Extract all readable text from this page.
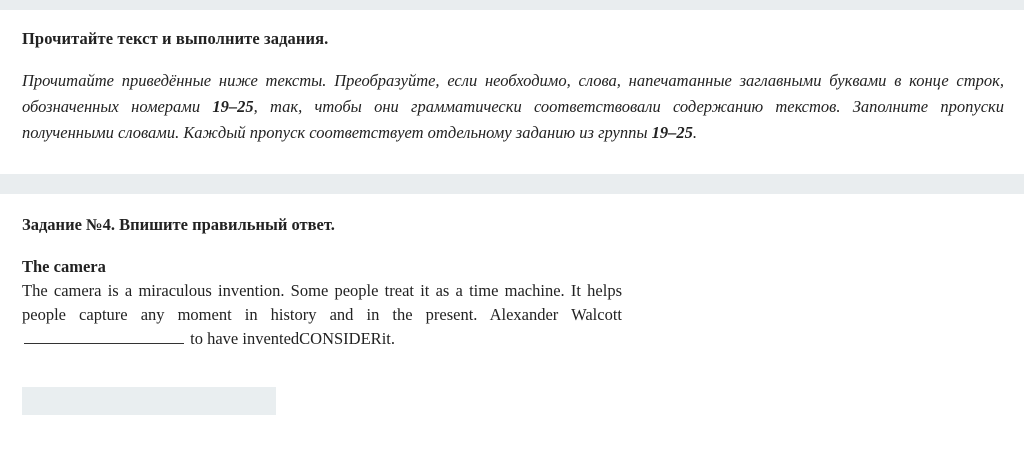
Прочитайте текст и выполните задания.
Прочитайте приведённые ниже тексты. Преобразуйте, если необходимо, слова, напечатанные заглавными буквами в конце строк, обозначенных номерами 19–25, так, чтобы они грамматически соответствовали содержанию текстов. Заполните пропуски полученными словами. Каждый пропуск соответствует отдельному заданию из группы 19–25.
Задание №4. Впишите правильный ответ.
The camera
The camera is a miraculous invention. Some people treat it as a time machine. It helps people capture any moment in history and in the present. Alexander Walcott  to have inventedCONSIDERit.
